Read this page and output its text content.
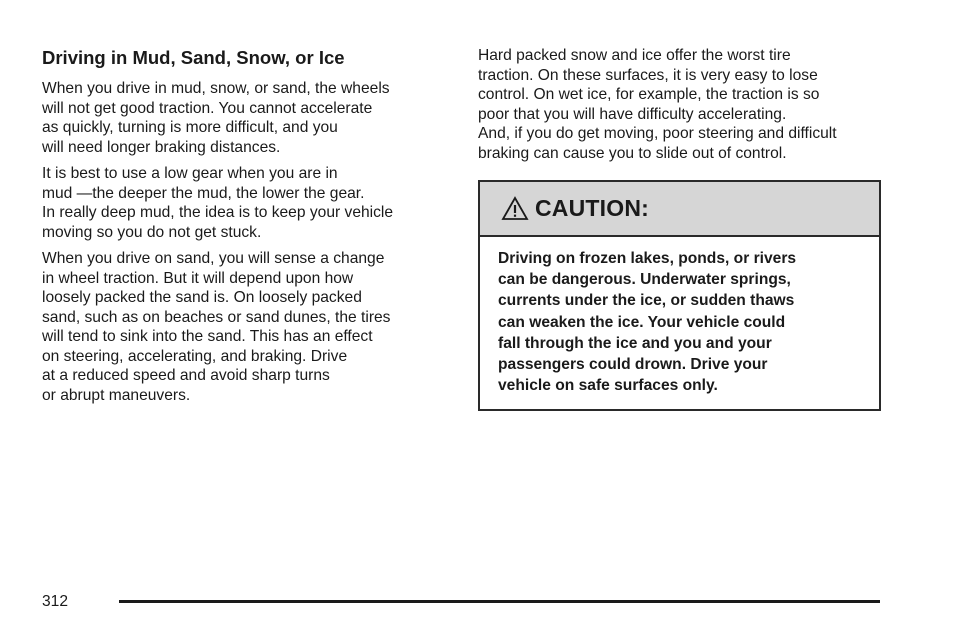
Driving in Mud, Sand, Snow, or Ice
When you drive in mud, snow, or sand, the wheels
will not get good traction. You cannot accelerate
as quickly, turning is more difficult, and you
will need longer braking distances.
It is best to use a low gear when you are in
mud —the deeper the mud, the lower the gear.
In really deep mud, the idea is to keep your vehicle
moving so you do not get stuck.
When you drive on sand, you will sense a change
in wheel traction. But it will depend upon how
loosely packed the sand is. On loosely packed
sand, such as on beaches or sand dunes, the tires
will tend to sink into the sand. This has an effect
on steering, accelerating, and braking. Drive
at a reduced speed and avoid sharp turns
or abrupt maneuvers.
Hard packed snow and ice offer the worst tire
traction. On these surfaces, it is very easy to lose
control. On wet ice, for example, the traction is so
poor that you will have difficulty accelerating.
And, if you do get moving, poor steering and difficult
braking can cause you to slide out of control.
CAUTION:
Driving on frozen lakes, ponds, or rivers
can be dangerous. Underwater springs,
currents under the ice, or sudden thaws
can weaken the ice. Your vehicle could
fall through the ice and you and your
passengers could drown. Drive your
vehicle on safe surfaces only.
312
